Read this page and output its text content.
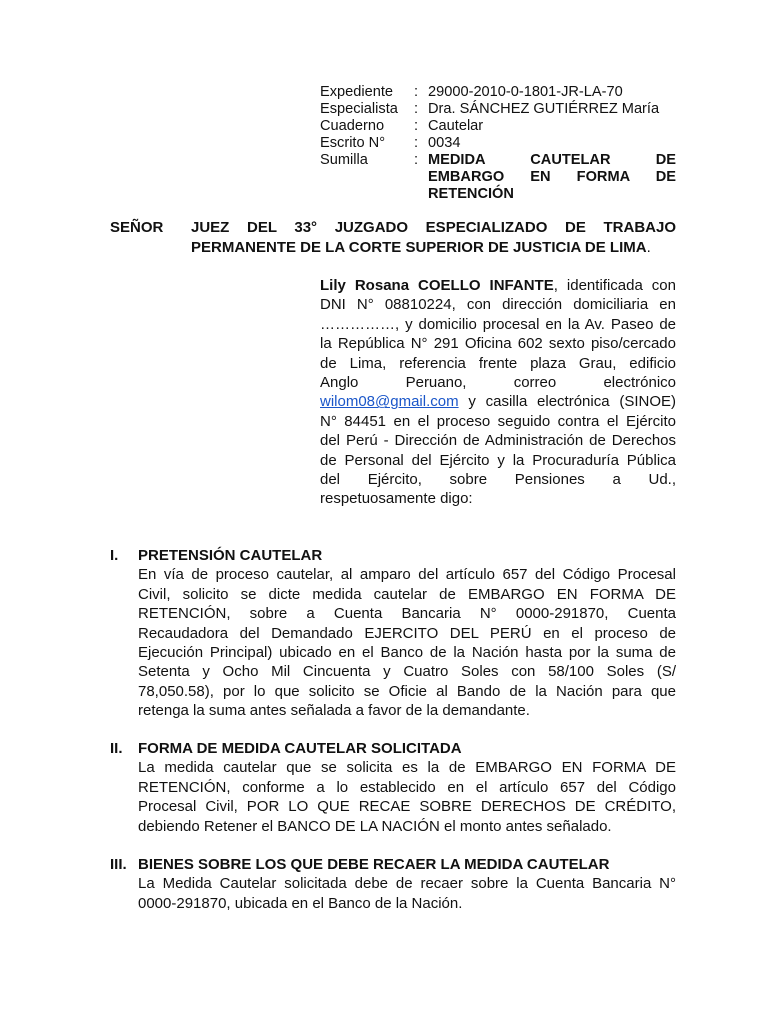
Expediente	: 29000-2010-0-1801-JR-LA-70
Especialista	: Dra. SÁNCHEZ GUTIÉRREZ María
Cuaderno	: Cautelar
Escrito N°	: 0034
Sumilla	: MEDIDA CAUTELAR DE
EMBARGO EN FORMA DE
RETENCIÓN
SEÑOR JUEZ DEL 33° JUZGADO ESPECIALIZADO DE TRABAJO
PERMANENTE DE LA CORTE SUPERIOR DE JUSTICIA DE LIMA.
Lily Rosana COELLO INFANTE, identificada con
DNI N° 08810224, con dirección domiciliaria en
……………, y domicilio procesal en la Av. Paseo de
la República N° 291 Oficina 602 sexto piso/cercado
de Lima, referencia frente plaza Grau, edificio
Anglo Peruano, correo electrónico
wilom08@gmail.com y casilla electrónica (SINOE)
N° 84451 en el proceso seguido contra el Ejército
del Perú - Dirección de Administración de Derechos
de Personal del Ejército y la Procuraduría Pública
del Ejército, sobre Pensiones a Ud.,
respetuosamente digo:
I. PRETENSIÓN CAUTELAR
En vía de proceso cautelar, al amparo del artículo 657 del Código Procesal
Civil, solicito se dicte medida cautelar de EMBARGO EN FORMA DE
RETENCIÓN, sobre a Cuenta Bancaria N° 0000-291870, Cuenta
Recaudadora del Demandado EJERCITO DEL PERÚ en el proceso de
Ejecución Principal) ubicado en el Banco de la Nación hasta por la suma de
Setenta y Ocho Mil Cincuenta y Cuatro Soles con 58/100 Soles (S/
78,050.58), por lo que solicito se Oficie al Bando de la Nación para que
retenga la suma antes señalada a favor de la demandante.
II. FORMA DE MEDIDA CAUTELAR SOLICITADA
La medida cautelar que se solicita es la de EMBARGO EN FORMA DE
RETENCIÓN, conforme a lo establecido en el artículo 657 del Código
Procesal Civil, POR LO QUE RECAE SOBRE DERECHOS DE CRÉDITO,
debiendo Retener el BANCO DE LA NACIÓN el monto antes señalado.
III. BIENES SOBRE LOS QUE DEBE RECAER LA MEDIDA CAUTELAR
La Medida Cautelar solicitada debe de recaer sobre la Cuenta Bancaria N°
0000-291870, ubicada en el Banco de la Nación.
